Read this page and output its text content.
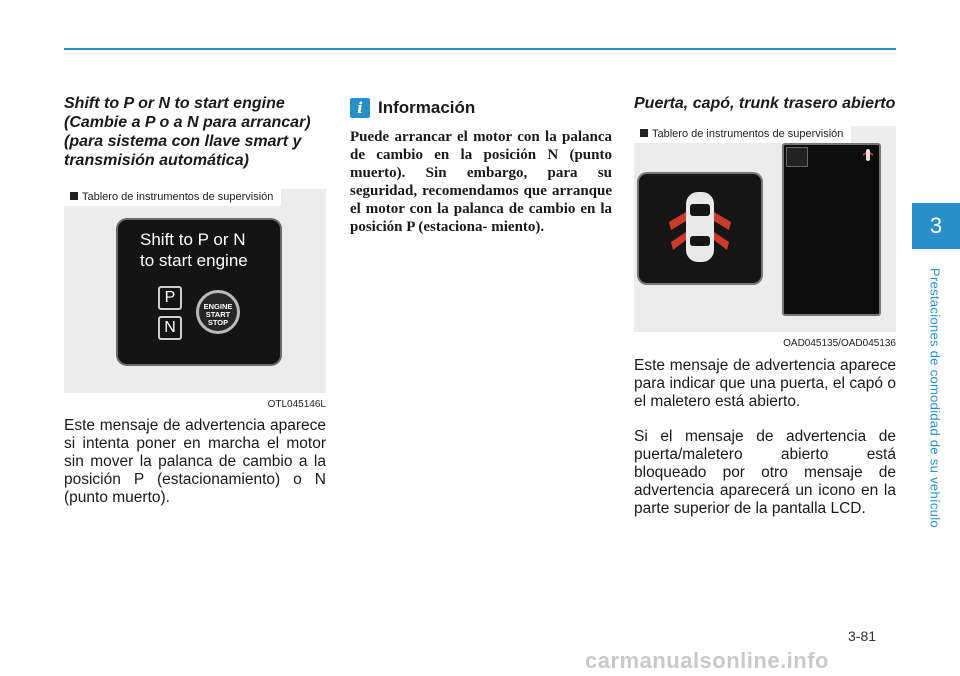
Shift to P or N to start engine (Cambie a P o a N para arrancar) (para sistema con llave smart y transmisión automática)

Tablero de instrumentos de supervisión
Shift to P or N
to start engine
P
N
ENGINE
START
STOP
OTL045146L

Este mensaje de advertencia aparece si intenta poner en marcha el motor sin mover la palanca de cambio a la posición P (estacionamiento) o N (punto muerto).

i Información

Puede arrancar el motor con la palanca de cambio en la posición N (punto muerto). Sin embargo, para su seguridad, recomendamos que arranque el motor con la palanca de cambio en la posición P (estaciona- miento).

Puerta, capó, trunk trasero abierto

Tablero de instrumentos de supervisión
OAD045135/OAD045136

Este mensaje de advertencia aparece para indicar que una puerta, el capó o el maletero está abierto.

Si el mensaje de advertencia de puerta/maletero abierto está bloqueado por otro mensaje de advertencia aparecerá un icono en la parte superior de la pantalla LCD.

3
Prestaciones de comodidad de su vehículo
3-81
carmanualsonline.info
